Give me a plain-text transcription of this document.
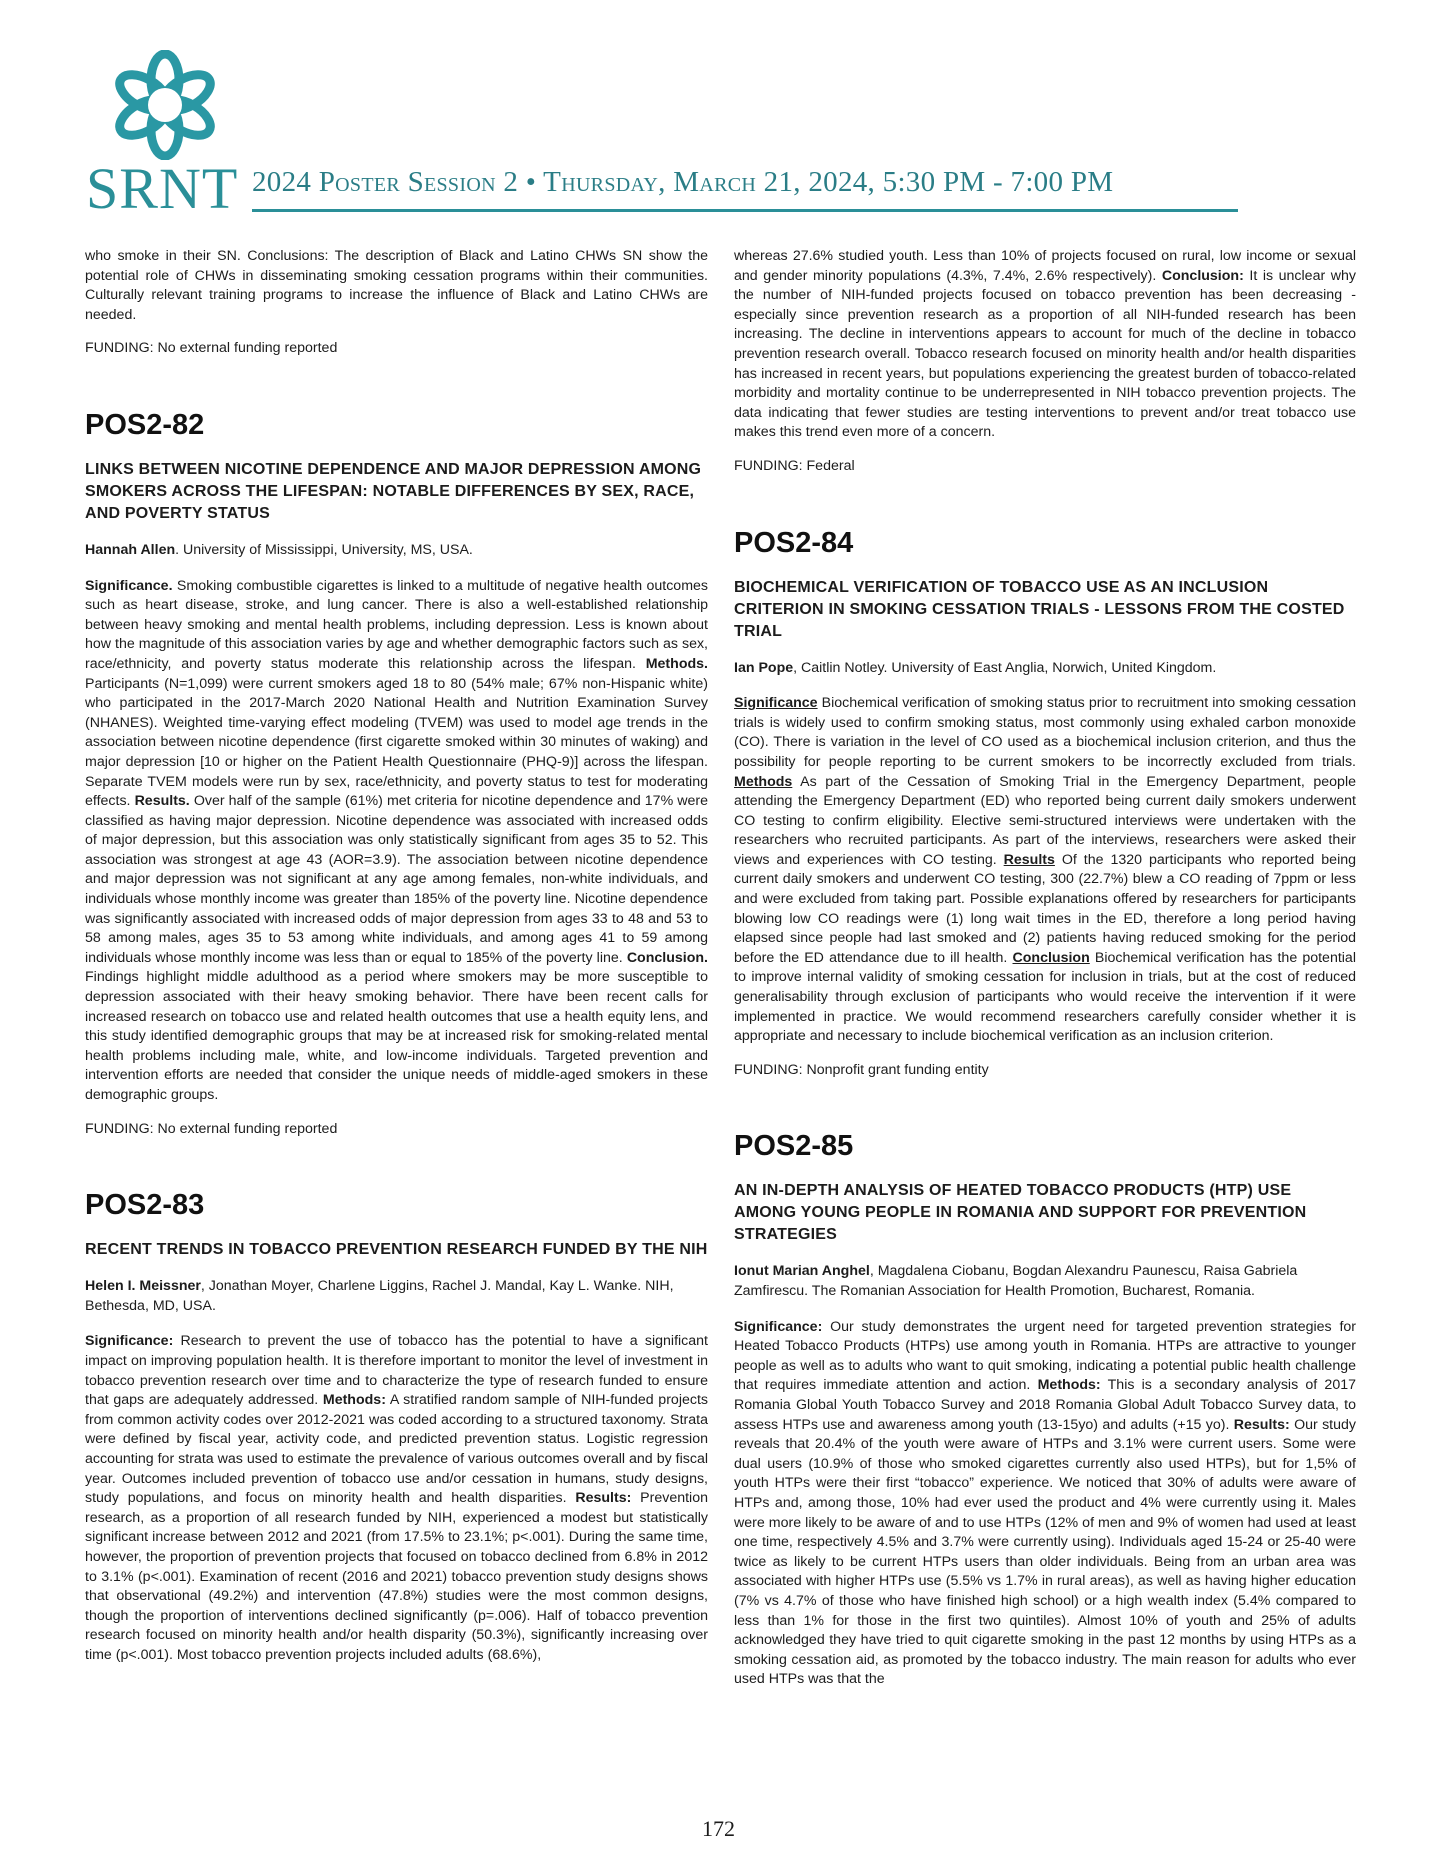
SRNT 2024 Poster Session 2 • Thursday, March 21, 2024, 5:30 PM - 7:00 PM

who smoke in their SN. Conclusions: The description of Black and Latino CHWs SN show the potential role of CHWs in disseminating smoking cessation programs within their communities. Culturally relevant training programs to increase the influence of Black and Latino CHWs are needed.

FUNDING: No external funding reported

POS2-82
LINKS BETWEEN NICOTINE DEPENDENCE AND MAJOR DEPRESSION AMONG SMOKERS ACROSS THE LIFESPAN: NOTABLE DIFFERENCES BY SEX, RACE, AND POVERTY STATUS

Hannah Allen. University of Mississippi, University, MS, USA.

Significance. Smoking combustible cigarettes is linked to a multitude of negative health outcomes such as heart disease, stroke, and lung cancer. There is also a well-established relationship between heavy smoking and mental health problems, including depression. Less is known about how the magnitude of this association varies by age and whether demographic factors such as sex, race/ethnicity, and poverty status moderate this relationship across the lifespan. Methods. Participants (N=1,099) were current smokers aged 18 to 80 (54% male; 67% non-Hispanic white) who participated in the 2017-March 2020 National Health and Nutrition Examination Survey (NHANES). Weighted time-varying effect modeling (TVEM) was used to model age trends in the association between nicotine dependence (first cigarette smoked within 30 minutes of waking) and major depression [10 or higher on the Patient Health Questionnaire (PHQ-9)] across the lifespan. Separate TVEM models were run by sex, race/ethnicity, and poverty status to test for moderating effects. Results. Over half of the sample (61%) met criteria for nicotine dependence and 17% were classified as having major depression. Nicotine dependence was associated with increased odds of major depression, but this association was only statistically significant from ages 35 to 52. This association was strongest at age 43 (AOR=3.9). The association between nicotine dependence and major depression was not significant at any age among females, non-white individuals, and individuals whose monthly income was greater than 185% of the poverty line. Nicotine dependence was significantly associated with increased odds of major depression from ages 33 to 48 and 53 to 58 among males, ages 35 to 53 among white individuals, and among ages 41 to 59 among individuals whose monthly income was less than or equal to 185% of the poverty line. Conclusion. Findings highlight middle adulthood as a period where smokers may be more susceptible to depression associated with their heavy smoking behavior. There have been recent calls for increased research on tobacco use and related health outcomes that use a health equity lens, and this study identified demographic groups that may be at increased risk for smoking-related mental health problems including male, white, and low-income individuals. Targeted prevention and intervention efforts are needed that consider the unique needs of middle-aged smokers in these demographic groups.

FUNDING: No external funding reported

POS2-83
RECENT TRENDS IN TOBACCO PREVENTION RESEARCH FUNDED BY THE NIH

Helen I. Meissner, Jonathan Moyer, Charlene Liggins, Rachel J. Mandal, Kay L. Wanke. NIH, Bethesda, MD, USA.

Significance: Research to prevent the use of tobacco has the potential to have a significant impact on improving population health. It is therefore important to monitor the level of investment in tobacco prevention research over time and to characterize the type of research funded to ensure that gaps are adequately addressed. Methods: A stratified random sample of NIH-funded projects from common activity codes over 2012-2021 was coded according to a structured taxonomy. Strata were defined by fiscal year, activity code, and predicted prevention status. Logistic regression accounting for strata was used to estimate the prevalence of various outcomes overall and by fiscal year. Outcomes included prevention of tobacco use and/or cessation in humans, study designs, study populations, and focus on minority health and health disparities. Results: Prevention research, as a proportion of all research funded by NIH, experienced a modest but statistically significant increase between 2012 and 2021 (from 17.5% to 23.1%; p<.001). During the same time, however, the proportion of prevention projects that focused on tobacco declined from 6.8% in 2012 to 3.1% (p<.001). Examination of recent (2016 and 2021) tobacco prevention study designs shows that observational (49.2%) and intervention (47.8%) studies were the most common designs, though the proportion of interventions declined significantly (p=.006). Half of tobacco prevention research focused on minority health and/or health disparity (50.3%), significantly increasing over time (p<.001). Most tobacco prevention projects included adults (68.6%),

whereas 27.6% studied youth. Less than 10% of projects focused on rural, low income or sexual and gender minority populations (4.3%, 7.4%, 2.6% respectively). Conclusion: It is unclear why the number of NIH-funded projects focused on tobacco prevention has been decreasing - especially since prevention research as a proportion of all NIH-funded research has been increasing. The decline in interventions appears to account for much of the decline in tobacco prevention research overall. Tobacco research focused on minority health and/or health disparities has increased in recent years, but populations experiencing the greatest burden of tobacco-related morbidity and mortality continue to be underrepresented in NIH tobacco prevention projects. The data indicating that fewer studies are testing interventions to prevent and/or treat tobacco use makes this trend even more of a concern.

FUNDING: Federal

POS2-84
BIOCHEMICAL VERIFICATION OF TOBACCO USE AS AN INCLUSION CRITERION IN SMOKING CESSATION TRIALS - LESSONS FROM THE COSTED TRIAL

Ian Pope, Caitlin Notley. University of East Anglia, Norwich, United Kingdom.

Significance Biochemical verification of smoking status prior to recruitment into smoking cessation trials is widely used to confirm smoking status, most commonly using exhaled carbon monoxide (CO). There is variation in the level of CO used as a biochemical inclusion criterion, and thus the possibility for people reporting to be current smokers to be incorrectly excluded from trials. Methods As part of the Cessation of Smoking Trial in the Emergency Department, people attending the Emergency Department (ED) who reported being current daily smokers underwent CO testing to confirm eligibility. Elective semi-structured interviews were undertaken with the researchers who recruited participants. As part of the interviews, researchers were asked their views and experiences with CO testing. Results Of the 1320 participants who reported being current daily smokers and underwent CO testing, 300 (22.7%) blew a CO reading of 7ppm or less and were excluded from taking part. Possible explanations offered by researchers for participants blowing low CO readings were (1) long wait times in the ED, therefore a long period having elapsed since people had last smoked and (2) patients having reduced smoking for the period before the ED attendance due to ill health. Conclusion Biochemical verification has the potential to improve internal validity of smoking cessation for inclusion in trials, but at the cost of reduced generalisability through exclusion of participants who would receive the intervention if it were implemented in practice. We would recommend researchers carefully consider whether it is appropriate and necessary to include biochemical verification as an inclusion criterion.

FUNDING: Nonprofit grant funding entity

POS2-85
AN IN-DEPTH ANALYSIS OF HEATED TOBACCO PRODUCTS (HTP) USE AMONG YOUNG PEOPLE IN ROMANIA AND SUPPORT FOR PREVENTION STRATEGIES

Ionut Marian Anghel, Magdalena Ciobanu, Bogdan Alexandru Paunescu, Raisa Gabriela Zamfirescu. The Romanian Association for Health Promotion, Bucharest, Romania.

Significance: Our study demonstrates the urgent need for targeted prevention strategies for Heated Tobacco Products (HTPs) use among youth in Romania. HTPs are attractive to younger people as well as to adults who want to quit smoking, indicating a potential public health challenge that requires immediate attention and action. Methods: This is a secondary analysis of 2017 Romania Global Youth Tobacco Survey and 2018 Romania Global Adult Tobacco Survey data, to assess HTPs use and awareness among youth (13-15yo) and adults (+15 yo). Results: Our study reveals that 20.4% of the youth were aware of HTPs and 3.1% were current users. Some were dual users (10.9% of those who smoked cigarettes currently also used HTPs), but for 1,5% of youth HTPs were their first “tobacco” experience. We noticed that 30% of adults were aware of HTPs and, among those, 10% had ever used the product and 4% were currently using it. Males were more likely to be aware of and to use HTPs (12% of men and 9% of women had used at least one time, respectively 4.5% and 3.7% were currently using). Individuals aged 15-24 or 25-40 were twice as likely to be current HTPs users than older individuals. Being from an urban area was associated with higher HTPs use (5.5% vs 1.7% in rural areas), as well as having higher education (7% vs 4.7% of those who have finished high school) or a high wealth index (5.4% compared to less than 1% for those in the first two quintiles). Almost 10% of youth and 25% of adults acknowledged they have tried to quit cigarette smoking in the past 12 months by using HTPs as a smoking cessation aid, as promoted by the tobacco industry. The main reason for adults who ever used HTPs was that the

172
